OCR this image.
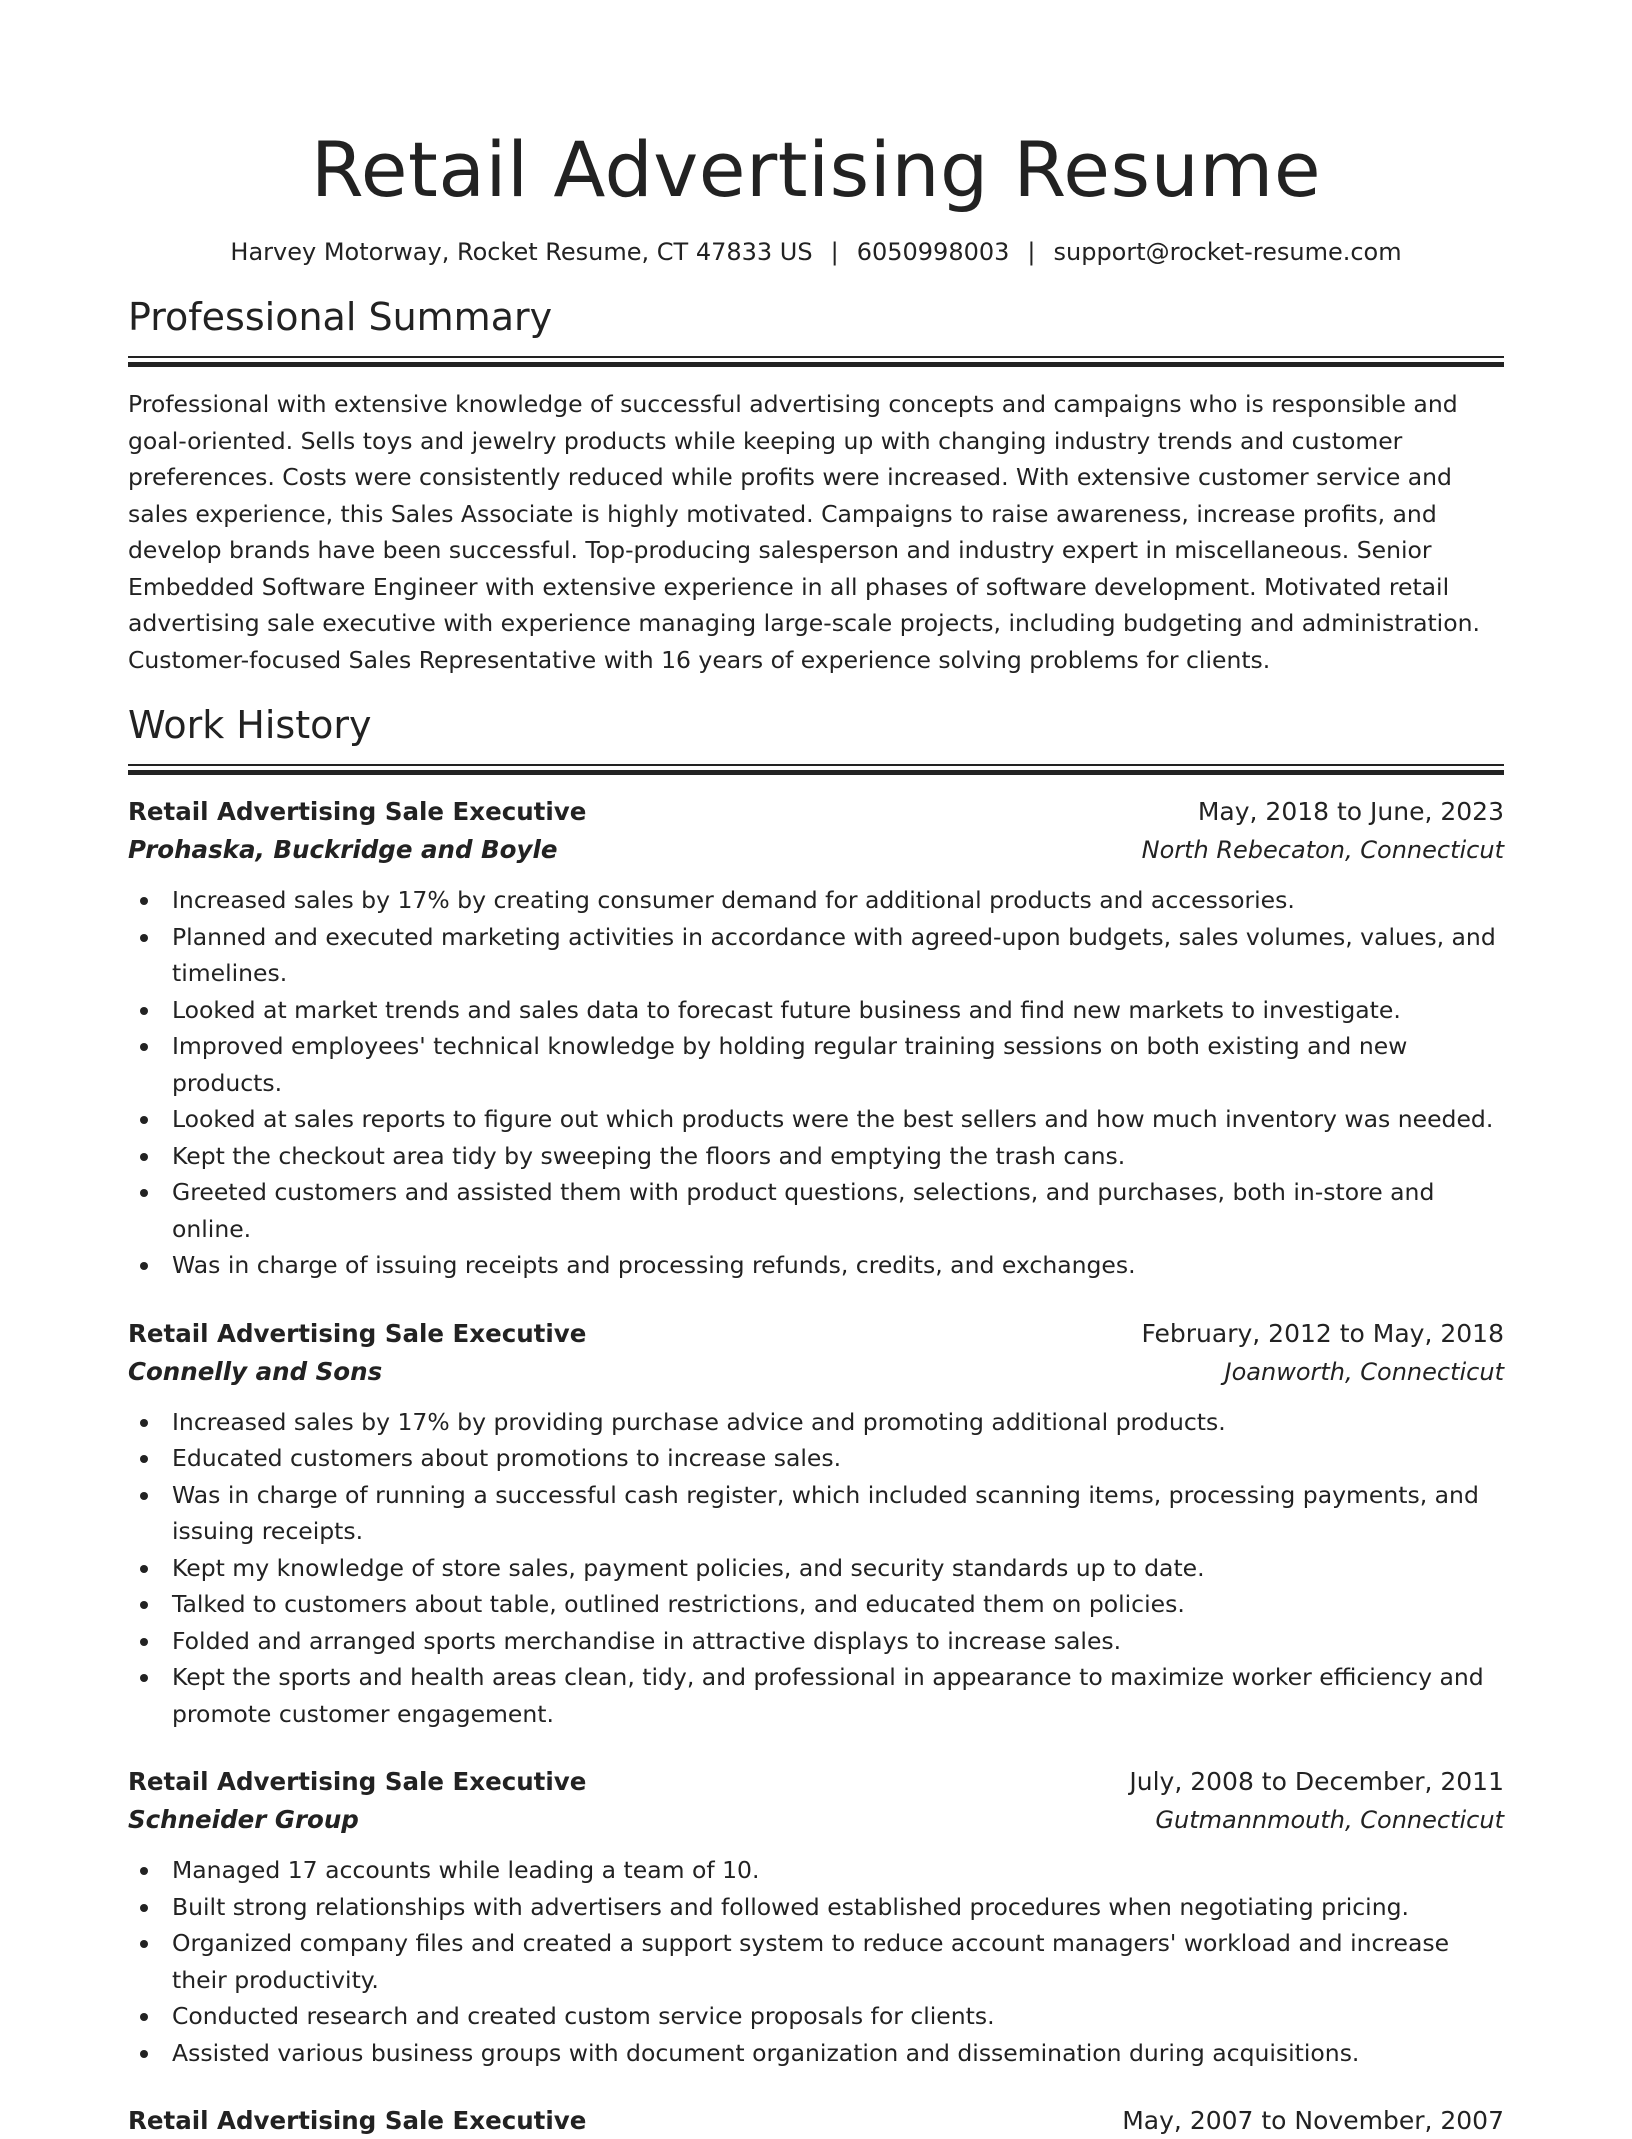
Retail Advertising Resume
Harvey Motorway, Rocket Resume, CT 47833 US | 6050998003 | support@rocket-resume.com
Professional Summary

Professional with extensive knowledge of successful advertising concepts and campaigns who is responsible and goal-oriented. Sells toys and jewelry products while keeping up with changing industry trends and customer preferences. Costs were consistently reduced while profits were increased. With extensive customer service and sales experience, this Sales Associate is highly motivated. Campaigns to raise awareness, increase profits, and develop brands have been successful. Top-producing salesperson and industry expert in miscellaneous. Senior Embedded Software Engineer with extensive experience in all phases of software development. Motivated retail advertising sale executive with experience managing large-scale projects, including budgeting and administration. Customer-focused Sales Representative with 16 years of experience solving problems for clients.

Work History
Retail Advertising Sale Executive	May, 2018 to June, 2023
Prohaska, Buckridge and Boyle	North Rebecaton, Connecticut
Increased sales by 17% by creating consumer demand for additional products and accessories.
Planned and executed marketing activities in accordance with agreed-upon budgets, sales volumes, values, and timelines.
Looked at market trends and sales data to forecast future business and find new markets to investigate.
Improved employees' technical knowledge by holding regular training sessions on both existing and new products.
Looked at sales reports to figure out which products were the best sellers and how much inventory was needed.
Kept the checkout area tidy by sweeping the floors and emptying the trash cans.
Greeted customers and assisted them with product questions, selections, and purchases, both in-store and online.
Was in charge of issuing receipts and processing refunds, credits, and exchanges.
Retail Advertising Sale Executive	February, 2012 to May, 2018
Connelly and Sons	Joanworth, Connecticut
Increased sales by 17% by providing purchase advice and promoting additional products.
Educated customers about promotions to increase sales.
Was in charge of running a successful cash register, which included scanning items, processing payments, and issuing receipts.
Kept my knowledge of store sales, payment policies, and security standards up to date.
Talked to customers about table, outlined restrictions, and educated them on policies.
Folded and arranged sports merchandise in attractive displays to increase sales.
Kept the sports and health areas clean, tidy, and professional in appearance to maximize worker efficiency and promote customer engagement.
Retail Advertising Sale Executive	July, 2008 to December, 2011
Schneider Group	Gutmannmouth, Connecticut
Managed 17 accounts while leading a team of 10.
Built strong relationships with advertisers and followed established procedures when negotiating pricing.
Organized company files and created a support system to reduce account managers' workload and increase their productivity.
Conducted research and created custom service proposals for clients.
Assisted various business groups with document organization and dissemination during acquisitions.
Retail Advertising Sale Executive	May, 2007 to November, 2007
